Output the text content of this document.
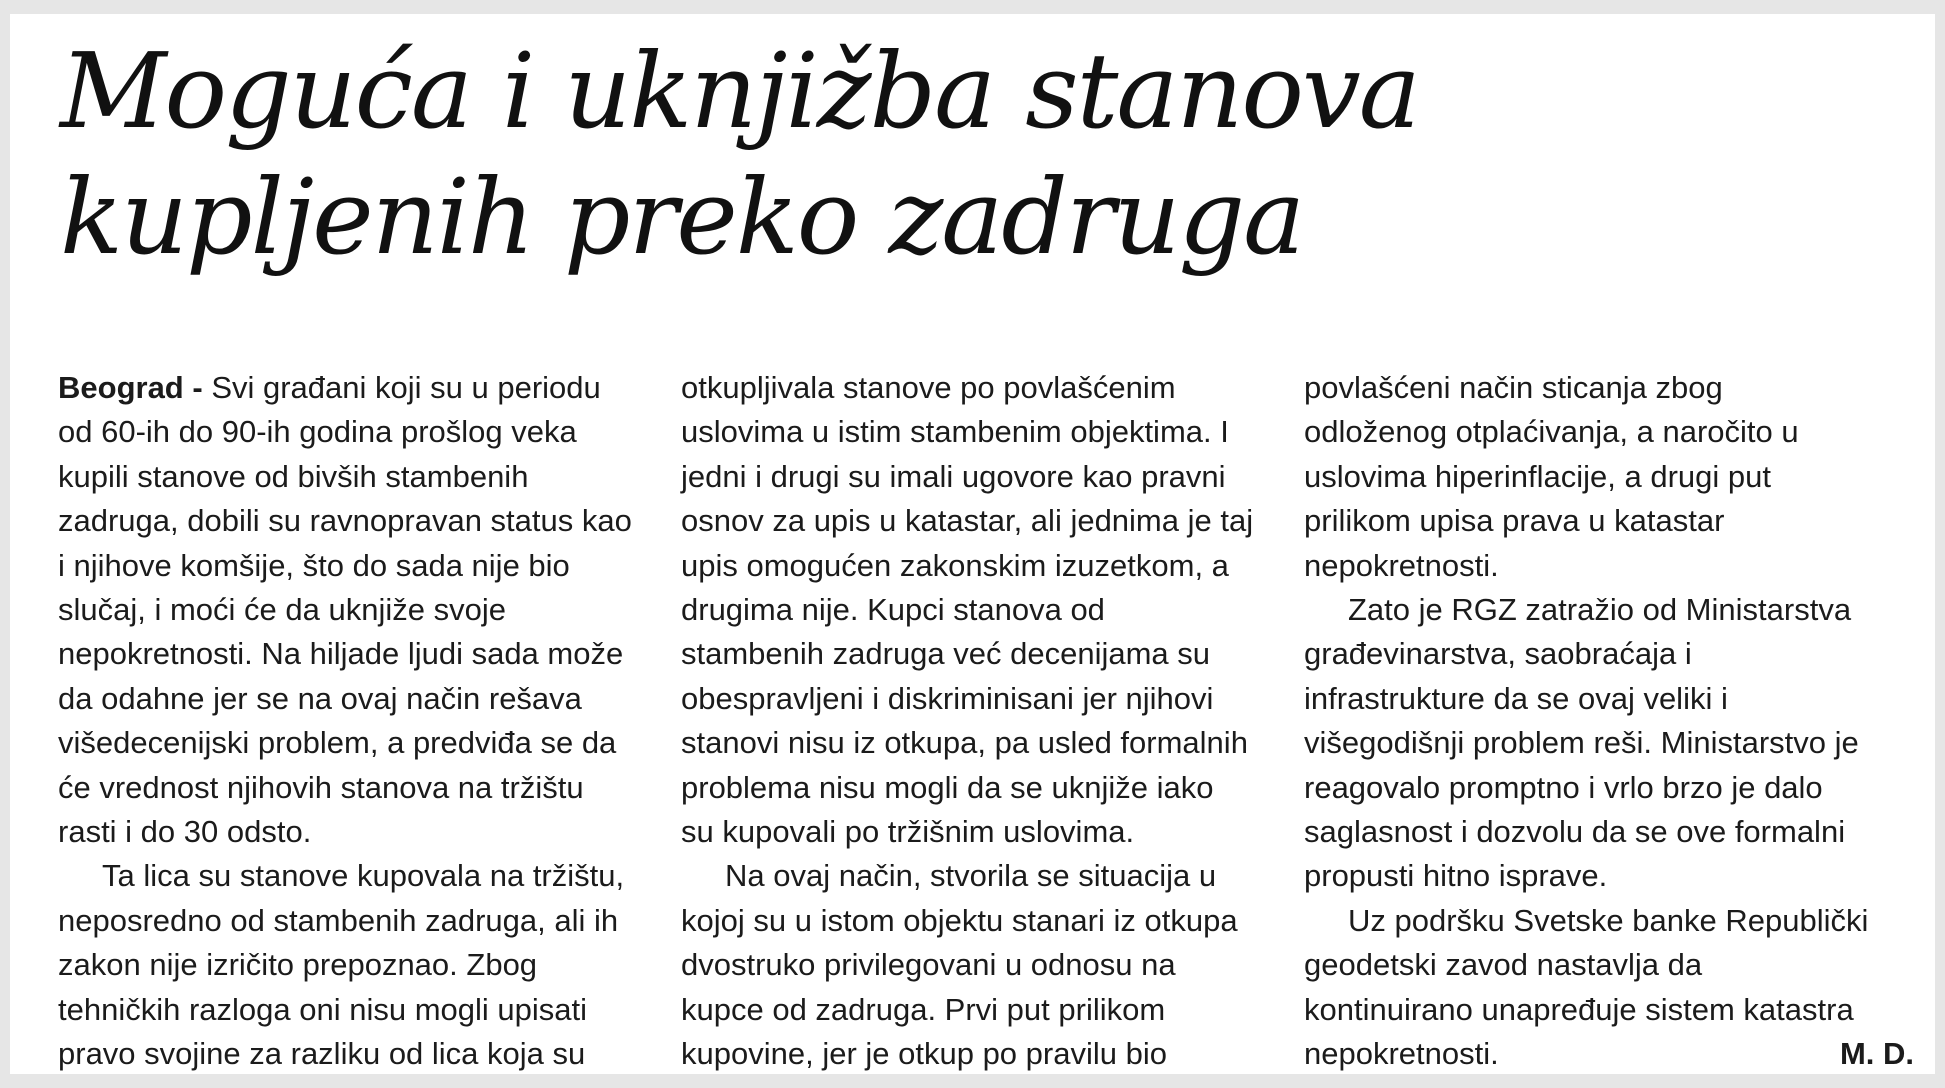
Moguća i uknjižba stanova
kupljenih preko zadruga
Beograd - Svi građani koji su u periodu
od 60-ih do 90-ih godina prošlog veka
kupili stanove od bivših stambenih
zadruga, dobili su ravnopravan status kao
i njihove komšije, što do sada nije bio
slučaj, i moći će da uknjiže svoje
nepokretnosti. Na hiljade ljudi sada može
da odahne jer se na ovaj način rešava
višedecenijski problem, a predviđa se da
će vrednost njihovih stanova na tržištu
rasti i do 30 odsto.
Ta lica su stanove kupovala na tržištu,
neposredno od stambenih zadruga, ali ih
zakon nije izričito prepoznao. Zbog
tehničkih razloga oni nisu mogli upisati
pravo svojine za razliku od lica koja su
otkupljivala stanove po povlašćenim
uslovima u istim stambenim objektima. I
jedni i drugi su imali ugovore kao pravni
osnov za upis u katastar, ali jednima je taj
upis omogućen zakonskim izuzetkom, a
drugima nije. Kupci stanova od
stambenih zadruga već decenijama su
obespravljeni i diskriminisani jer njihovi
stanovi nisu iz otkupa, pa usled formalnih
problema nisu mogli da se uknjiže iako
su kupovali po tržišnim uslovima.
Na ovaj način, stvorila se situacija u
kojoj su u istom objektu stanari iz otkupa
dvostruko privilegovani u odnosu na
kupce od zadruga. Prvi put prilikom
kupovine, jer je otkup po pravilu bio
povlašćeni način sticanja zbog
odloženog otplaćivanja, a naročito u
uslovima hiperinflacije, a drugi put
prilikom upisa prava u katastar
nepokretnosti.
Zato je RGZ zatražio od Ministarstva
građevinarstva, saobraćaja i
infrastrukture da se ovaj veliki i
višegodišnji problem reši. Ministarstvo je
reagovalo promptno i vrlo brzo je dalo
saglasnost i dozvolu da se ove formalni
propusti hitno isprave.
Uz podršku Svetske banke Republički
geodetski zavod nastavlja da
kontinuirano unapređuje sistem katastra
nepokretnosti.	M. D.
